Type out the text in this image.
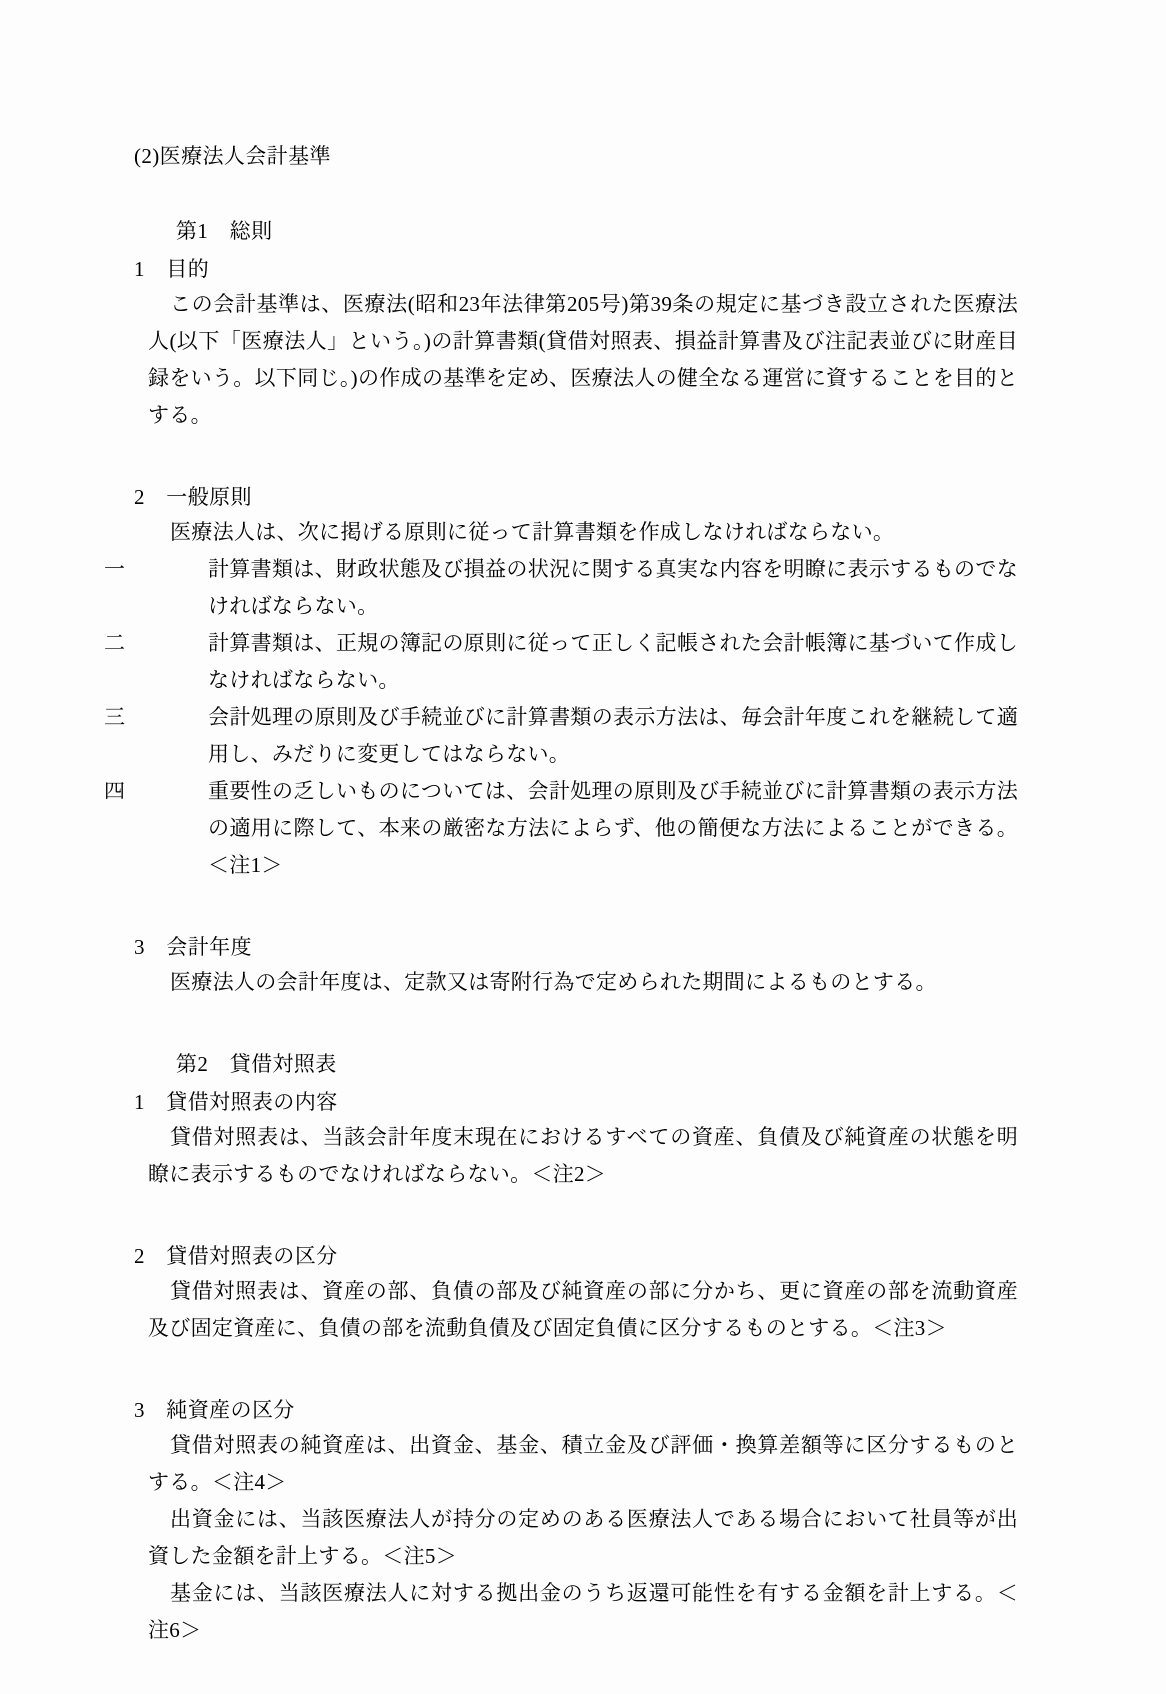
(2)医療法人会計基準

第1　総則

1　目的

この会計基準は、医療法(昭和23年法律第205号)第39条の規定に基づき設立された医療法人(以下「医療法人」という。)の計算書類(貸借対照表、損益計算書及び注記表並びに財産目録をいう。以下同じ。)の作成の基準を定め、医療法人の健全なる運営に資することを目的とする。

2　一般原則

医療法人は、次に掲げる原則に従って計算書類を作成しなければならない。

一	計算書類は、財政状態及び損益の状況に関する真実な内容を明瞭に表示するものでなければならない。

二	計算書類は、正規の簿記の原則に従って正しく記帳された会計帳簿に基づいて作成しなければならない。

三	会計処理の原則及び手続並びに計算書類の表示方法は、毎会計年度これを継続して適用し、みだりに変更してはならない。

四	重要性の乏しいものについては、会計処理の原則及び手続並びに計算書類の表示方法の適用に際して、本来の厳密な方法によらず、他の簡便な方法によることができる。＜注1＞

3　会計年度

医療法人の会計年度は、定款又は寄附行為で定められた期間によるものとする。

第2　貸借対照表

1　貸借対照表の内容

貸借対照表は、当該会計年度末現在におけるすべての資産、負債及び純資産の状態を明瞭に表示するものでなければならない。＜注2＞

2　貸借対照表の区分

貸借対照表は、資産の部、負債の部及び純資産の部に分かち、更に資産の部を流動資産及び固定資産に、負債の部を流動負債及び固定負債に区分するものとする。＜注3＞

3　純資産の区分

貸借対照表の純資産は、出資金、基金、積立金及び評価・換算差額等に区分するものとする。＜注4＞

出資金には、当該医療法人が持分の定めのある医療法人である場合において社員等が出資した金額を計上する。＜注5＞

基金には、当該医療法人に対する拠出金のうち返還可能性を有する金額を計上する。＜注6＞
